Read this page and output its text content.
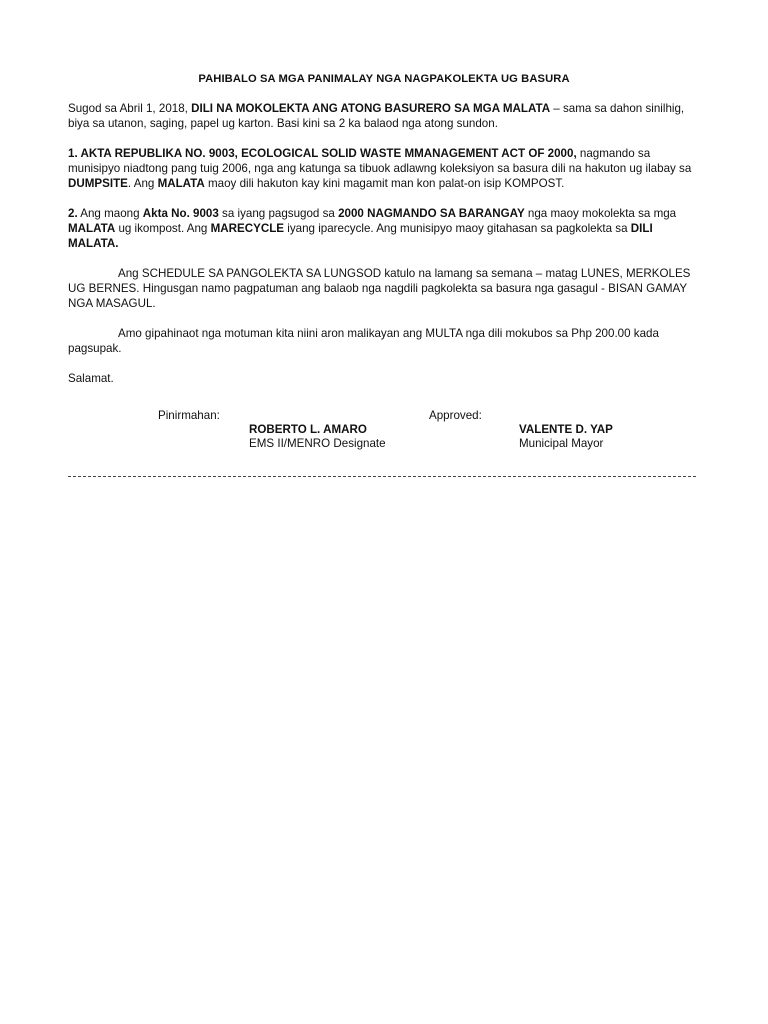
PAHIBALO SA MGA PANIMALAY NGA NAGPAKOLEKTA UG BASURA

Sugod sa Abril 1, 2018, DILI NA MOKOLEKTA ANG ATONG BASURERO SA MGA MALATA – sama sa dahon sinilhig, biya sa utanon, saging, papel ug karton. Basi kini sa 2 ka balaod nga atong sundon.

1. AKTA REPUBLIKA NO. 9003, ECOLOGICAL SOLID WASTE MMANAGEMENT ACT OF 2000, nagmando sa munisipyo niadtong pang tuig 2006, nga ang katunga sa tibuok adlawng koleksiyon sa basura dili na hakuton ug ilabay sa DUMPSITE. Ang MALATA maoy dili hakuton kay kini magamit man kon palat-on isip KOMPOST.

2. Ang maong Akta No. 9003 sa iyang pagsugod sa 2000 NAGMANDO SA BARANGAY nga maoy mokolekta sa mga MALATA ug ikompost. Ang MARECYCLE iyang iparecycle. Ang munisipyo maoy gitahasan sa pagkolekta sa DILI MALATA.

Ang SCHEDULE SA PANGOLEKTA SA LUNGSOD katulo na lamang sa semana – matag LUNES, MERKOLES UG BERNES. Hingusgan namo pagpatuman ang balaob nga nagdili pagkolekta sa basura nga gasagul - BISAN GAMAY NGA MASAGUL.

Amo gipahinaot nga motuman kita niini aron malikayan ang MULTA nga dili mokubos sa Php 200.00 kada pagsupak.

Salamat.

Pinirmahan:	Approved:
ROBERTO L. AMARO
EMS II/MENRO Designate
VALENTE D. YAP
Municipal Mayor
